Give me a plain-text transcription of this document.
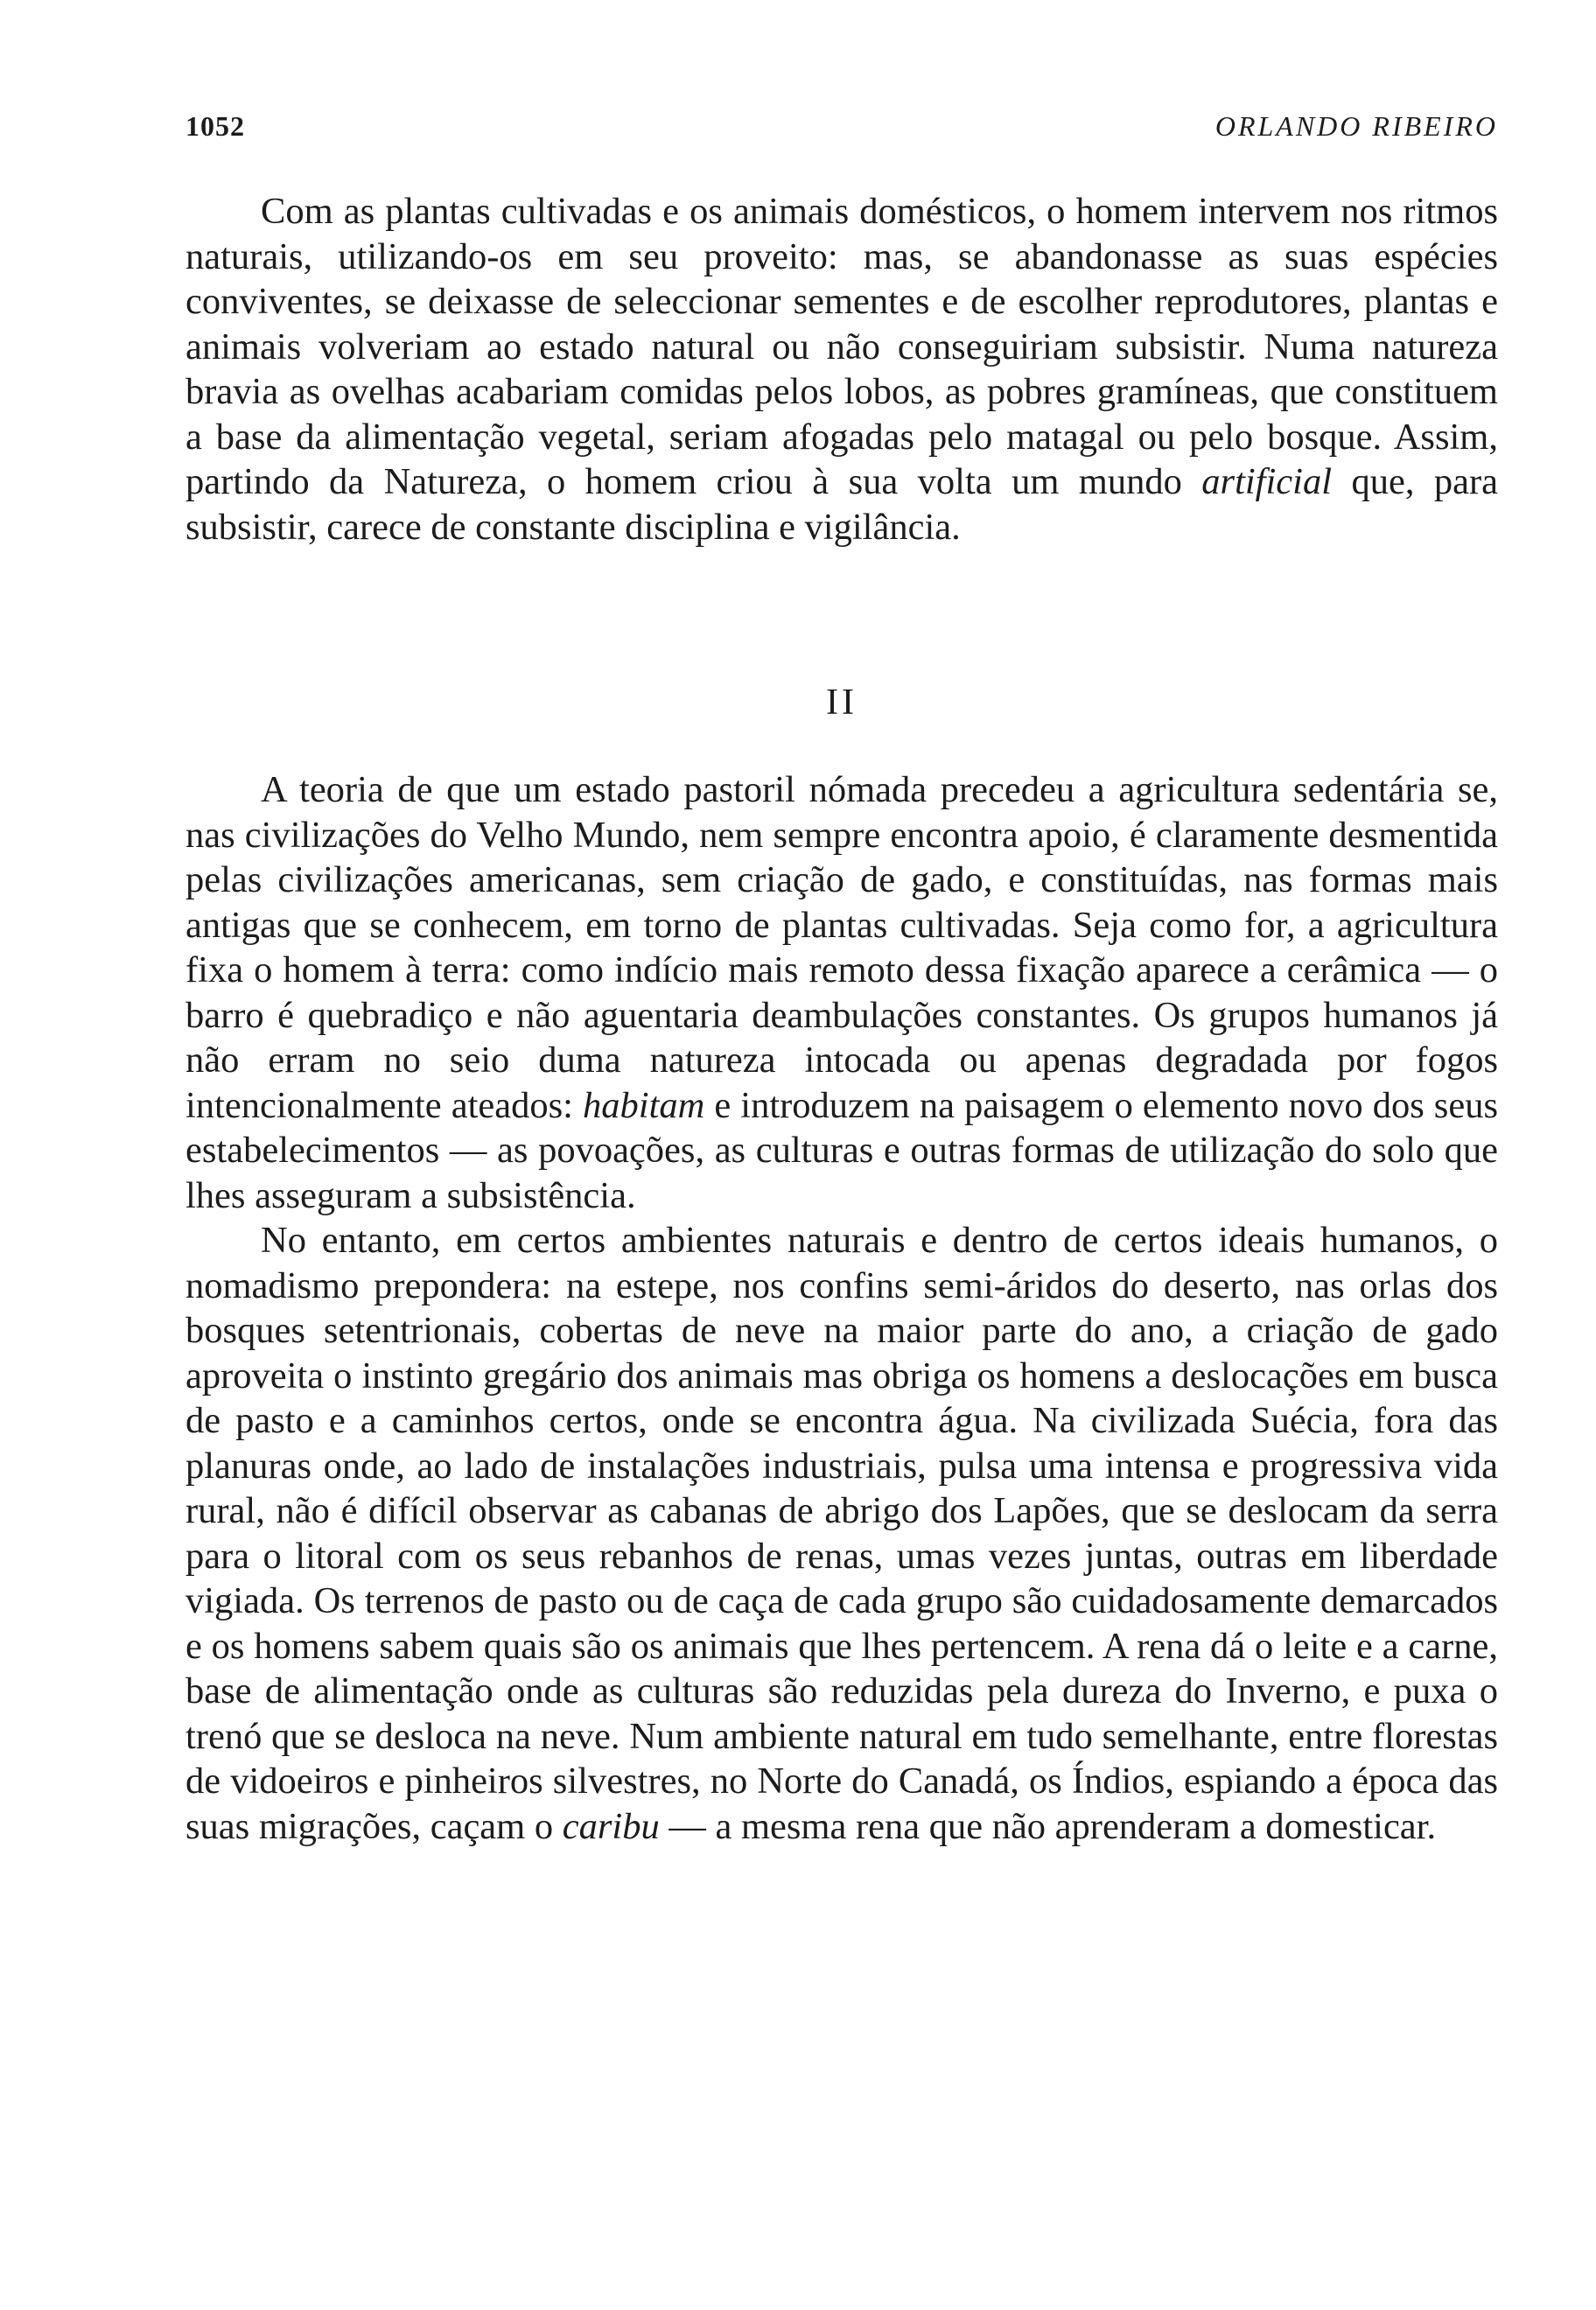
1052	ORLANDO RIBEIRO

Com as plantas cultivadas e os animais domésticos, o homem intervem nos ritmos naturais, utilizando-os em seu proveito: mas, se abandonasse as suas espécies conviventes, se deixasse de seleccionar sementes e de escolher reprodutores, plantas e animais volveriam ao estado natural ou não conseguiriam subsistir. Numa natureza bravia as ovelhas acabariam comidas pelos lobos, as pobres gramíneas, que constituem a base da alimentação vegetal, seriam afogadas pelo matagal ou pelo bosque. Assim, partindo da Natureza, o homem criou à sua volta um mundo artificial que, para subsistir, carece de constante disciplina e vigilância.

II

A teoria de que um estado pastoril nómada precedeu a agricultura sedentária se, nas civilizações do Velho Mundo, nem sempre encontra apoio, é claramente desmentida pelas civilizações americanas, sem criação de gado, e constituídas, nas formas mais antigas que se conhecem, em torno de plantas cultivadas. Seja como for, a agricultura fixa o homem à terra: como indício mais remoto dessa fixação aparece a cerâmica — o barro é quebradiço e não aguentaria deambulações constantes. Os grupos humanos já não erram no seio duma natureza intocada ou apenas degradada por fogos intencionalmente ateados: habitam e introduzem na paisagem o elemento novo dos seus estabelecimentos — as povoações, as culturas e outras formas de utilização do solo que lhes asseguram a subsistência.

No entanto, em certos ambientes naturais e dentro de certos ideais humanos, o nomadismo prepondera: na estepe, nos confins semi-áridos do deserto, nas orlas dos bosques setentrionais, cobertas de neve na maior parte do ano, a criação de gado aproveita o instinto gregário dos animais mas obriga os homens a deslocações em busca de pasto e a caminhos certos, onde se encontra água. Na civilizada Suécia, fora das planuras onde, ao lado de instalações industriais, pulsa uma intensa e progressiva vida rural, não é difícil observar as cabanas de abrigo dos Lapões, que se deslocam da serra para o litoral com os seus rebanhos de renas, umas vezes juntas, outras em liberdade vigiada. Os terrenos de pasto ou de caça de cada grupo são cuidadosamente demarcados e os homens sabem quais são os animais que lhes pertencem. A rena dá o leite e a carne, base de alimentação onde as culturas são reduzidas pela dureza do Inverno, e puxa o trenó que se desloca na neve. Num ambiente natural em tudo semelhante, entre florestas de vidoeiros e pinheiros silvestres, no Norte do Canadá, os Índios, espiando a época das suas migrações, caçam o caribu — a mesma rena que não aprenderam a domesticar.
